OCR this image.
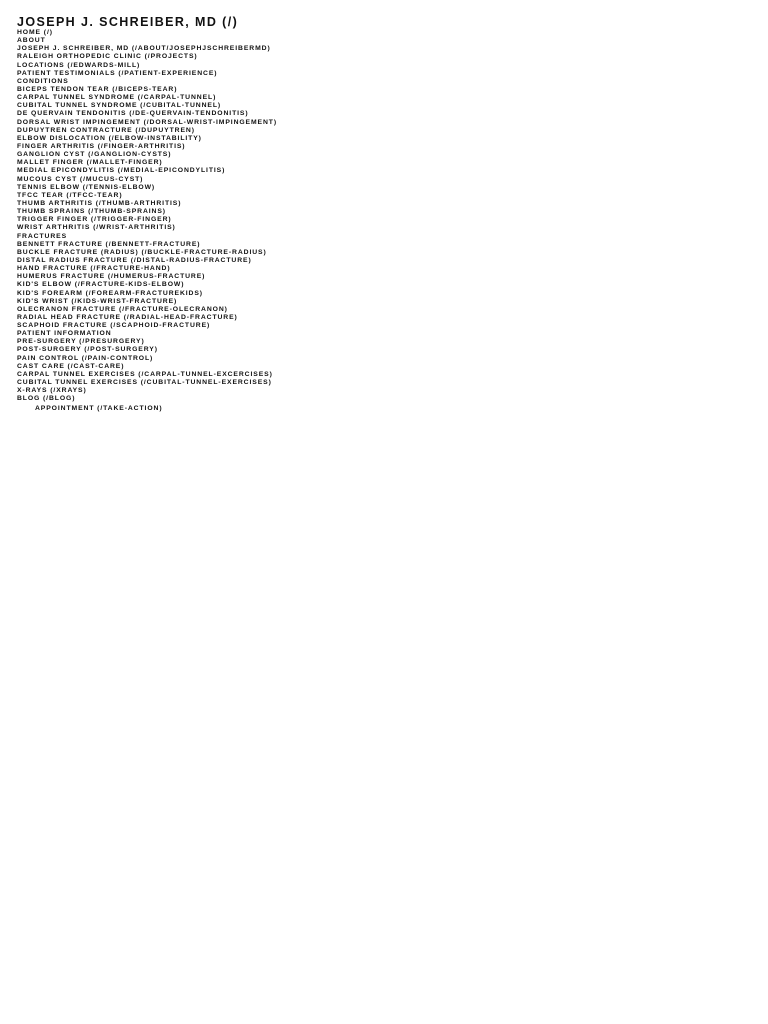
JOSEPH J. SCHREIBER, MD (/)
HOME (/)
ABOUT
JOSEPH J. SCHREIBER, MD (/ABOUT/JOSEPHJSCHREIBERMD)
RALEIGH ORTHOPEDIC CLINIC (/PROJECTS)
LOCATIONS (/EDWARDS-MILL)
PATIENT TESTIMONIALS (/PATIENT-EXPERIENCE)
CONDITIONS
BICEPS TENDON TEAR (/BICEPS-TEAR)
CARPAL TUNNEL SYNDROME (/CARPAL-TUNNEL)
CUBITAL TUNNEL SYNDROME (/CUBITAL-TUNNEL)
DE QUERVAIN TENDONITIS (/DE-QUERVAIN-TENDONITIS)
DORSAL WRIST IMPINGEMENT (/DORSAL-WRIST-IMPINGEMENT)
DUPUYTREN CONTRACTURE (/DUPUYTREN)
ELBOW DISLOCATION (/ELBOW-INSTABILITY)
FINGER ARTHRITIS (/FINGER-ARTHRITIS)
GANGLION CYST (/GANGLION-CYSTS)
MALLET FINGER (/MALLET-FINGER)
MEDIAL EPICONDYLITIS (/MEDIAL-EPICONDYLITIS)
MUCOUS CYST (/MUCUS-CYST)
TENNIS ELBOW (/TENNIS-ELBOW)
TFCC TEAR (/TFCC-TEAR)
THUMB ARTHRITIS (/THUMB-ARTHRITIS)
THUMB SPRAINS (/THUMB-SPRAINS)
TRIGGER FINGER (/TRIGGER-FINGER)
WRIST ARTHRITIS (/WRIST-ARTHRITIS)
FRACTURES
BENNETT FRACTURE (/BENNETT-FRACTURE)
BUCKLE FRACTURE (RADIUS) (/BUCKLE-FRACTURE-RADIUS)
DISTAL RADIUS FRACTURE (/DISTAL-RADIUS-FRACTURE)
HAND FRACTURE (/FRACTURE-HAND)
HUMERUS FRACTURE (/HUMERUS-FRACTURE)
KID'S ELBOW (/FRACTURE-KIDS-ELBOW)
KID'S FOREARM (/FOREARM-FRACTUREKIDS)
KID'S WRIST (/KIDS-WRIST-FRACTURE)
OLECRANON FRACTURE (/FRACTURE-OLECRANON)
RADIAL HEAD FRACTURE (/RADIAL-HEAD-FRACTURE)
SCAPHOID FRACTURE (/SCAPHOID-FRACTURE)
PATIENT INFORMATION
PRE-SURGERY (/PRESURGERY)
POST-SURGERY (/POST-SURGERY)
PAIN CONTROL (/PAIN-CONTROL)
CAST CARE (/CAST-CARE)
CARPAL TUNNEL EXERCISES (/CARPAL-TUNNEL-EXCERCISES)
CUBITAL TUNNEL EXERCISES (/CUBITAL-TUNNEL-EXERCISES)
X-RAYS (/XRAYS)
BLOG (/BLOG)
APPOINTMENT (/TAKE-ACTION)
